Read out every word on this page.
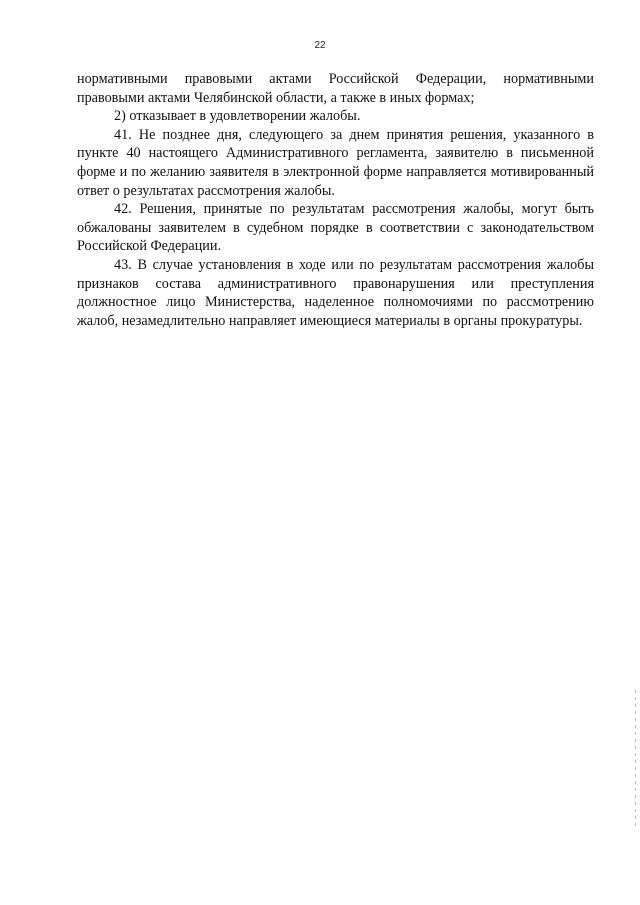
22

нормативными правовыми актами Российской Федерации, нормативными правовыми актами Челябинской области, а также в иных формах;

2) отказывает в удовлетворении жалобы.

41. Не позднее дня, следующего за днем принятия решения, указанного в пункте 40 настоящего Административного регламента, заявителю в письменной форме и по желанию заявителя в электронной форме направляется мотивированный ответ о результатах рассмотрения жалобы.

42. Решения, принятые по результатам рассмотрения жалобы, могут быть обжалованы заявителем в судебном порядке в соответствии с законодательством Российской Федерации.

43. В случае установления в ходе или по результатам рассмотрения жалобы признаков состава административного правонарушения или преступления должностное лицо Министерства, наделенное полномочиями по рассмотрению жалоб, незамедлительно направляет имеющиеся материалы в органы прокуратуры.
